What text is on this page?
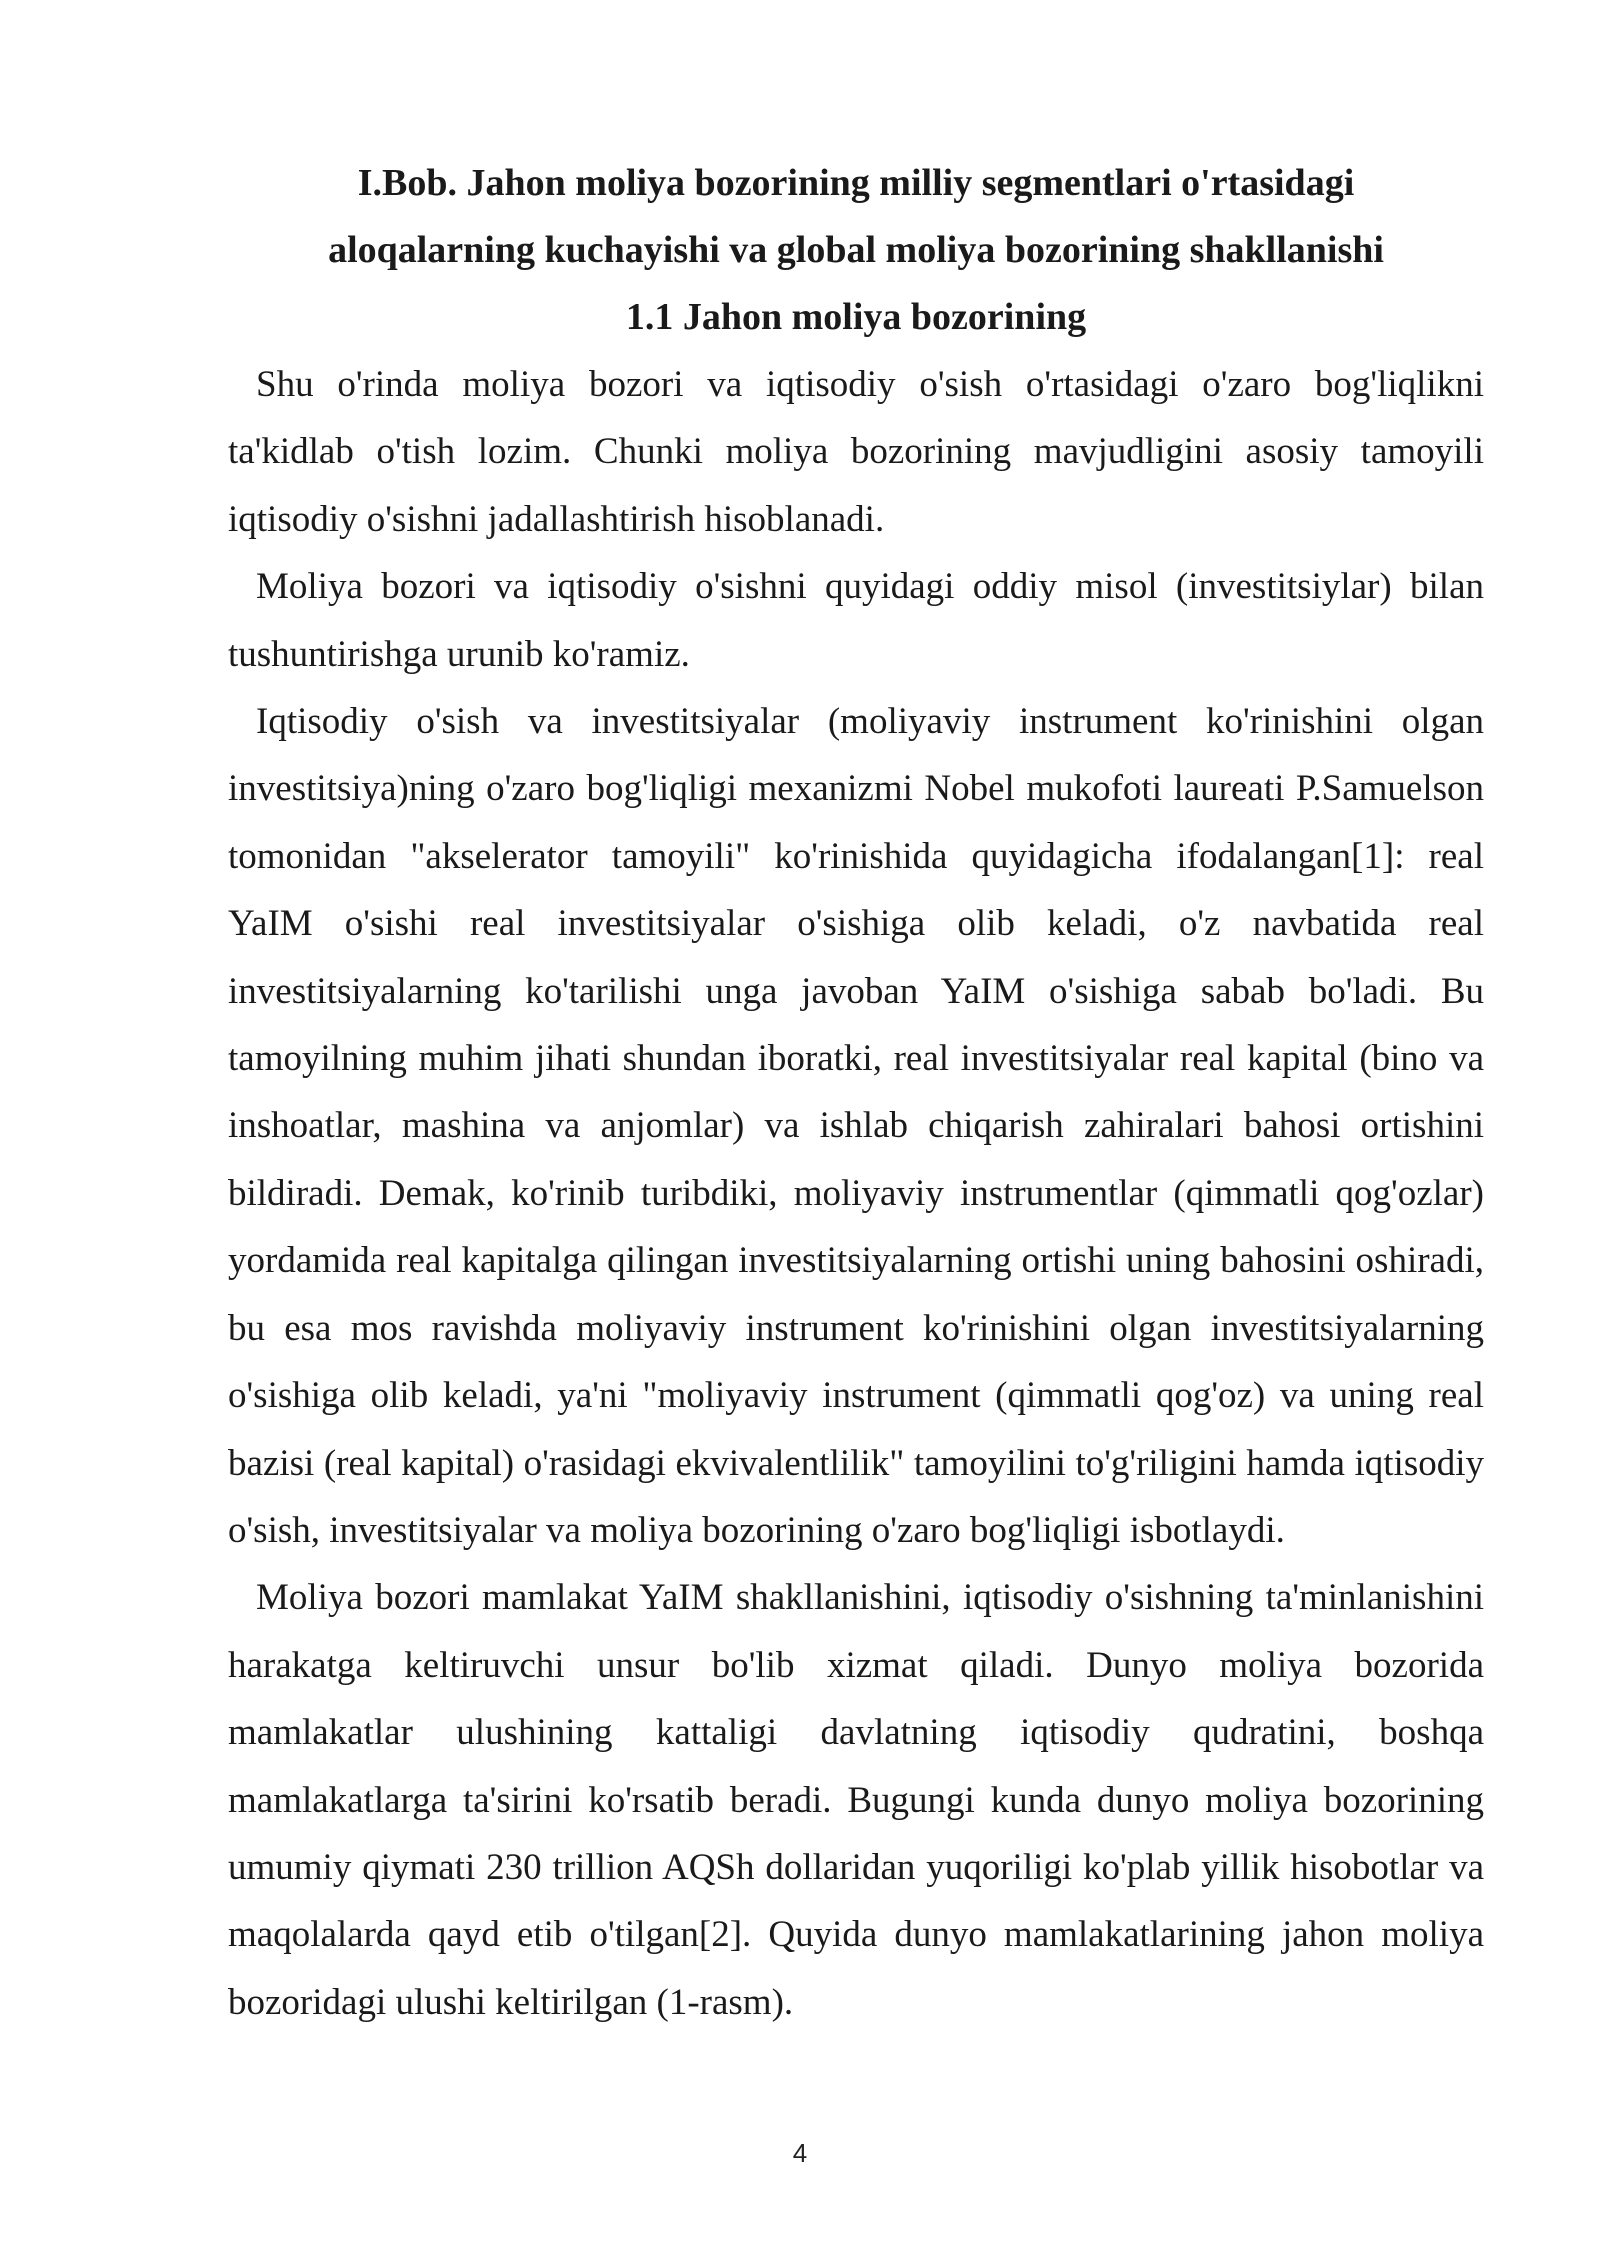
I.Bob. Jahon moliya bozorining milliy segmentlari o'rtasidagi

aloqalarning kuchayishi va global moliya bozorining shakllanishi

1.1 Jahon moliya bozorining

Shu o'rinda moliya bozori va iqtisodiy o'sish o'rtasidagi o'zaro bog'liqlikni ta'kidlab o'tish lozim. Chunki moliya bozorining mavjudligini asosiy tamoyili iqtisodiy o'sishni jadallashtirish hisoblanadi.

Moliya bozori va iqtisodiy o'sishni quyidagi oddiy misol (investitsiylar) bilan tushuntirishga urunib ko'ramiz.

Iqtisodiy o'sish va investitsiyalar (moliyaviy instrument ko'rinishini olgan investitsiya)ning o'zaro bog'liqligi mexanizmi Nobel mukofoti laureati P.Samuelson tomonidan "akselerator tamoyili" ko'rinishida quyidagicha ifodalangan[1]: real YaIM o'sishi real investitsiyalar o'sishiga olib keladi, o'z navbatida real investitsiyalarning ko'tarilishi unga javoban YaIM o'sishiga sabab bo'ladi. Bu tamoyilning muhim jihati shundan iboratki, real investitsiyalar real kapital (bino va inshoatlar, mashina va anjomlar) va ishlab chiqarish zahiralari bahosi ortishini bildiradi. Demak, ko'rinib turibdiki, moliyaviy instrumentlar (qimmatli qog'ozlar) yordamida real kapitalga qilingan investitsiyalarning ortishi uning bahosini oshiradi, bu esa mos ravishda moliyaviy instrument ko'rinishini olgan investitsiyalarning o'sishiga olib keladi, ya'ni "moliyaviy instrument (qimmatli qog'oz) va uning real bazisi (real kapital) o'rasidagi ekvivalentlilik" tamoyilini to'g'riligini hamda iqtisodiy o'sish, investitsiyalar va moliya bozorining o'zaro bog'liqligi isbotlaydi.

Moliya bozori mamlakat YaIM shakllanishini, iqtisodiy o'sishning ta'minlanishini harakatga keltiruvchi unsur bo'lib xizmat qiladi. Dunyo moliya bozorida mamlakatlar ulushining kattaligi davlatning iqtisodiy qudratini, boshqa mamlakatlarga ta'sirini ko'rsatib beradi. Bugungi kunda dunyo moliya bozorining umumiy qiymati 230 trillion AQSh dollaridan yuqoriligi ko'plab yillik hisobotlar va maqolalarda qayd etib o'tilgan[2]. Quyida dunyo mamlakatlarining jahon moliya bozoridagi ulushi keltirilgan (1-rasm).

4
